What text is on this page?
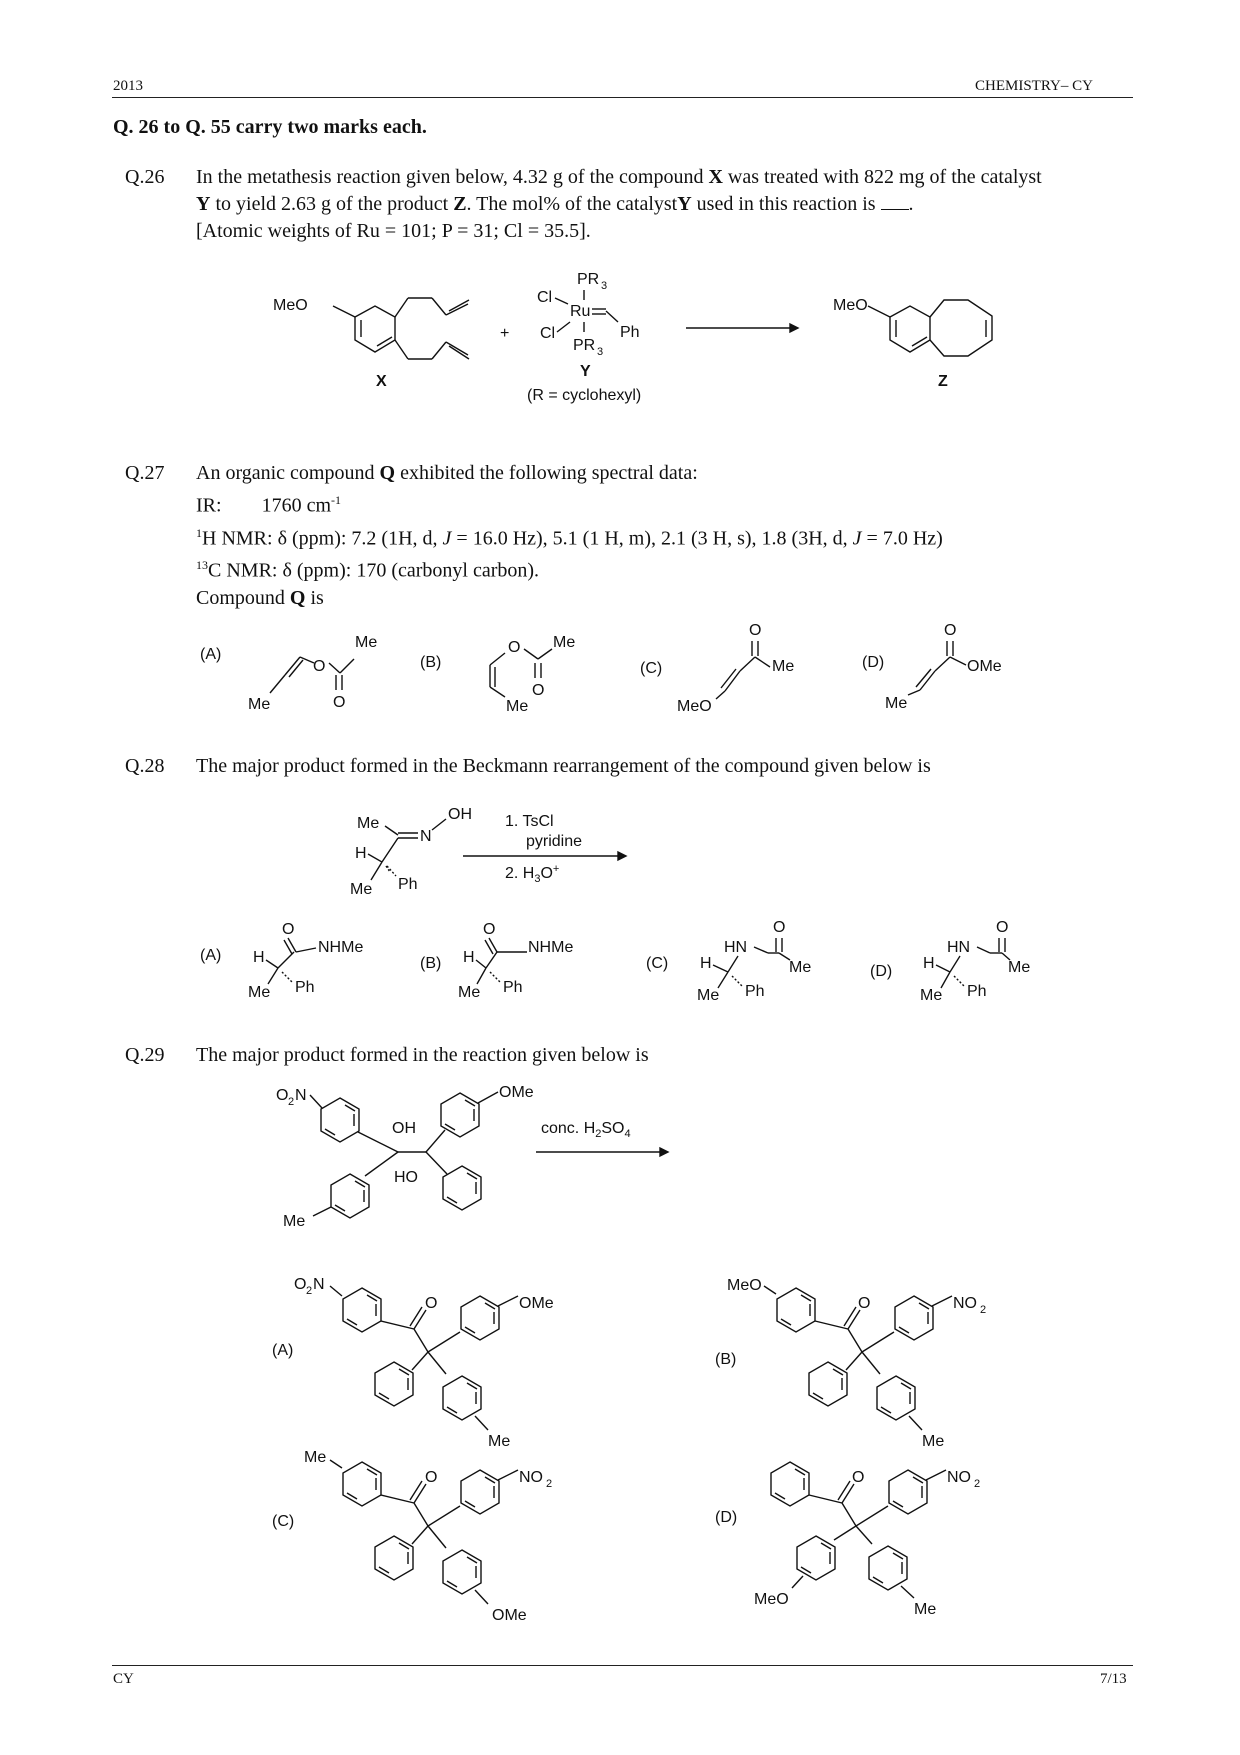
2013	CHEMISTRY– CY
Q. 26 to Q. 55 carry two marks each.
Q.26 In the metathesis reaction given below, 4.32 g of the compound X was treated with 822 mg of the catalyst
Y to yield 2.63 g of the product Z. The mol% of the catalystY used in this reaction is .
[Atomic weights of Ru = 101; P = 31; Cl = 35.5].
MeO
X
+
PR 3
Cl
Ru
Ph
Cl
PR 3
Y
(R = cyclohexyl)
MeO
Z
Q.27 An organic compound Q exhibited the following spectral data:
IR: 1760 $cm^{-1}$
$^1$H NMR: δ (ppm): 7.2 (1H, d, J = 16.0 Hz), 5.1 (1 H, m), 2.1 (3 H, s), 1.8 (3H, d, J = 7.0 Hz)
$^{13}$C NMR: δ (ppm): 170 (carbonyl carbon).
Compound Q is
(A)
O
O
Me
Me
(B)
O
O
Me
Me
(C)
O
Me
MeO
(D)
O
OMe
Me
Q.28 The major product formed in the Beckmann rearrangement of the compound given below is
Me
OH
N
H
Me Ph
1. TsCl
pyridine
2. $H_3O^+$
(A)
O
NHMe
H
Me Ph
(B)
O
NHMe
H
Me Ph
(C)
O
Me
HN
H
Me Ph
(D)
O
Me
HN
H
Me Ph
Q.29 The major product formed in the reaction given below is
O 2 N
OH
OMe
HO
Me
conc. $H_2SO_4$
(A)
O 2 N
O	OMe
Me
(B)
MeO
O	NO 2
Me
(C)
Me
O	NO 2
OMe
(D)
O	NO 2
MeO
Me
CY	7/13
